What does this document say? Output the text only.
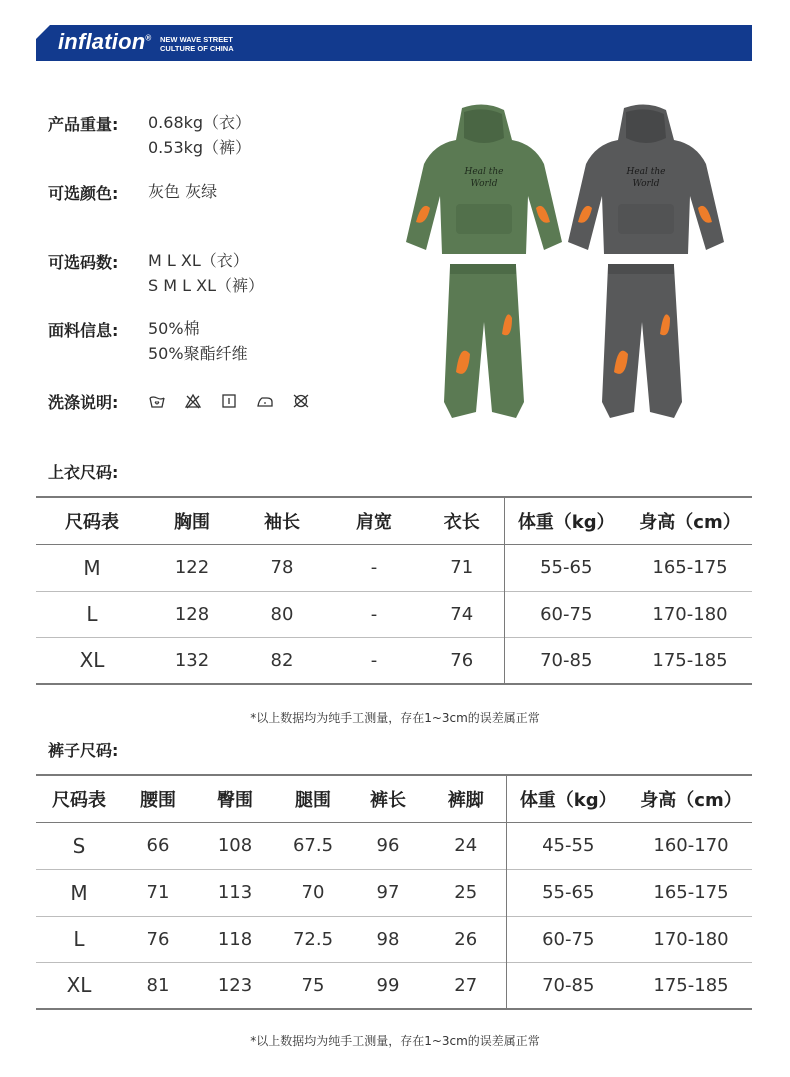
inflation® NEW WAVE STREET
CULTURE OF CHINA
产品重量: 0.68kg（衣）
0.53kg（裤）
可选颜色: 灰色 灰绿
可选码数: M L XL（衣）
S M L XL（裤）
面料信息: 50%棉
50%聚酯纤维
洗涤说明:
Heal the
World
Heal the
World
上衣尺码:
尺码表	胸围	袖长	肩宽	衣长	体重（kg）	身高（cm）
M	122	78	-	71	55-65	165-175
L	128	80	-	74	60-75	170-180
XL	132	82	-	76	70-85	175-185
*以上数据均为纯手工测量，存在1~3cm的误差属正常
裤子尺码:
尺码表	腰围	臀围	腿围	裤长	裤脚	体重（kg）	身高（cm）
S	66	108	67.5	96	24	45-55	160-170
M	71	113	70	97	25	55-65	165-175
L	76	118	72.5	98	26	60-75	170-180
XL	81	123	75	99	27	70-85	175-185
*以上数据均为纯手工测量，存在1~3cm的误差属正常
